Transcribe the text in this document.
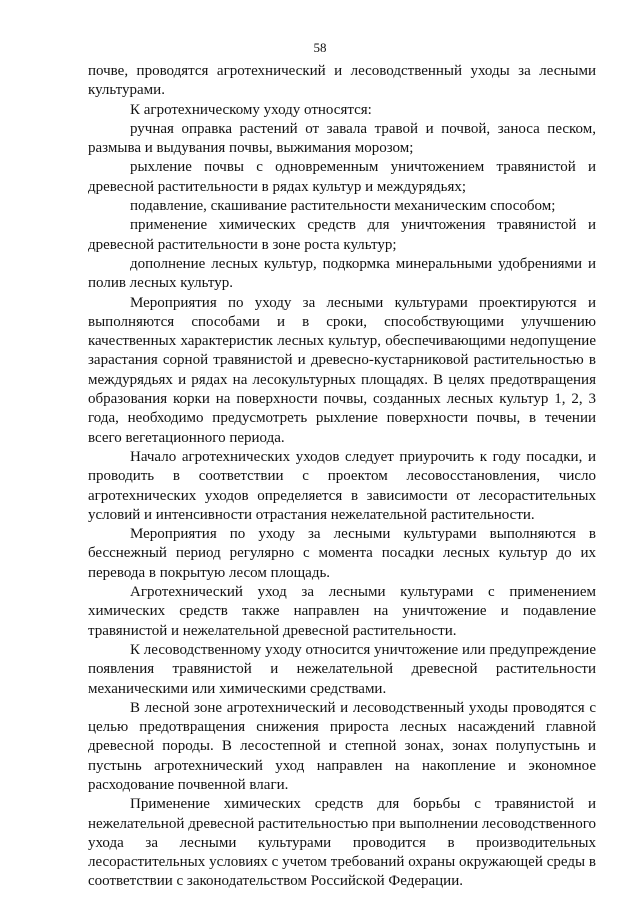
58

почве, проводятся агротехнический и лесоводственный уходы за лесными культурами.

К агротехническому уходу относятся:

ручная оправка растений от завала травой и почвой, заноса песком, размыва и выдувания почвы, выжимания морозом;

рыхление почвы с одновременным уничтожением травянистой и древесной растительности в рядах культур и междурядьях;

подавление, скашивание растительности механическим способом;

применение химических средств для уничтожения травянистой и древесной растительности в зоне роста культур;

дополнение лесных культур, подкормка минеральными удобрениями и полив лесных культур.

Мероприятия по уходу за лесными культурами проектируются и выполняются способами и в сроки, способствующими улучшению качественных характеристик лесных культур, обеспечивающими недопущение зарастания сорной травянистой и древесно-кустарниковой растительностью в междурядьях и рядах на лесокультурных площадях. В целях предотвращения образования корки на поверхности почвы, созданных лесных культур 1, 2, 3 года, необходимо предусмотреть рыхление поверхности почвы, в течении всего вегетационного периода.

Начало агротехнических уходов следует приурочить к году посадки, и проводить в соответствии с проектом лесовосстановления, число агротехнических уходов определяется в зависимости от лесорастительных условий и интенсивности отрастания нежелательной растительности.

Мероприятия по уходу за лесными культурами выполняются в бесснежный период регулярно с момента посадки лесных культур до их перевода в покрытую лесом площадь.

Агротехнический уход за лесными культурами с применением химических средств также направлен на уничтожение и подавление травянистой и нежелательной древесной растительности.

К лесоводственному уходу относится уничтожение или предупреждение появления травянистой и нежелательной древесной растительности механическими или химическими средствами.

В лесной зоне агротехнический и лесоводственный уходы проводятся с целью предотвращения снижения прироста лесных насаждений главной древесной породы. В лесостепной и степной зонах, зонах полупустынь и пустынь агротехнический уход направлен на накопление и экономное расходование почвенной влаги.

Применение химических средств для борьбы с травянистой и нежелательной древесной растительностью при выполнении лесоводственного ухода за лесными культурами проводится в производительных лесорастительных условиях с учетом требований охраны окружающей среды в соответствии с законодательством Российской Федерации.
